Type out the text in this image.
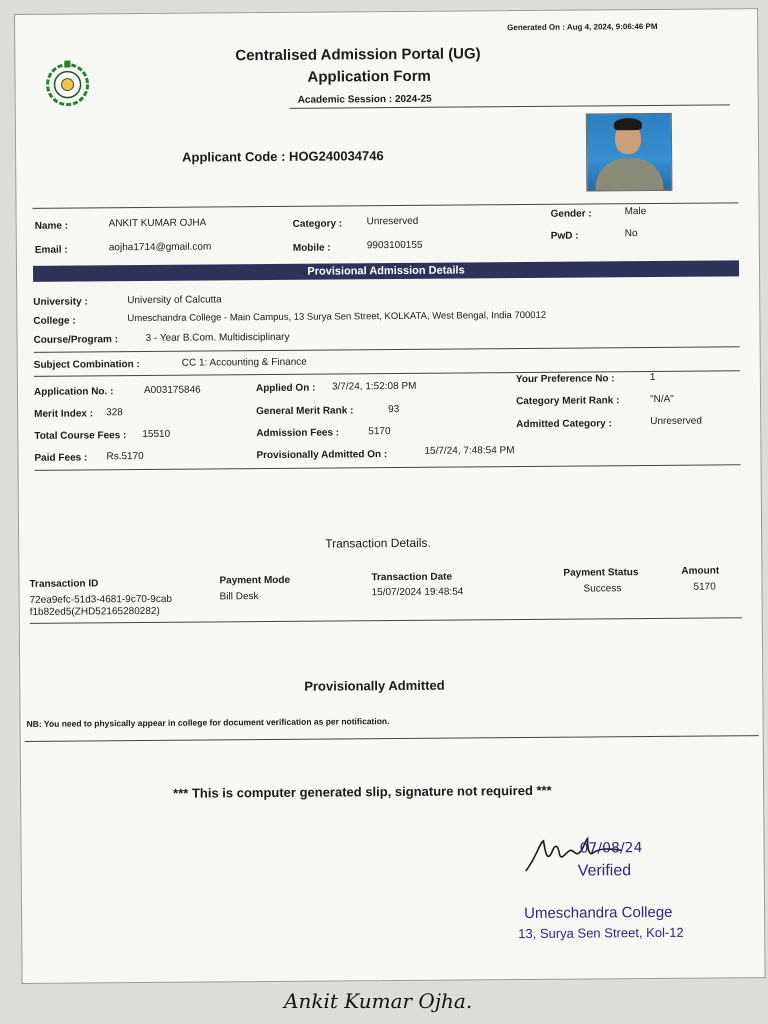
Generated On : Aug 4, 2024, 9:06:46 PM
Centralised Admission Portal (UG)
Application Form
Academic Session : 2024-25
Applicant Code : HOG240034746
Name :	ANKIT KUMAR OJHA
Email :	aojha1714@gmail.com
Category : Unreserved
Mobile :	9903100155
Gender :	Male
PwD :	No
Provisional Admission Details
University :	University of Calcutta
College :	Umeschandra College - Main Campus, 13 Surya Sen Street, KOLKATA, West Bengal, India 700012
Course/Program :	3 - Year B.Com. Multidisciplinary
Subject Combination :	CC 1: Accounting & Finance
Application No. :	A003175846
Merit Index : 328
Total Course Fees : 15510
Paid Fees : Rs.5170
Applied On : 3/7/24, 1:52:08 PM
General Merit Rank :	93
Admission Fees :	5170
Provisionally Admitted On :	15/7/24, 7:48:54 PM
Your Preference No :	1
Category Merit Rank :	"N/A"
Admitted Category :	Unreserved
Transaction Details.
Transaction ID	Payment Mode	Transaction Date	Payment Status	Amount
72ea9efc-51d3-4681-9c70-9cab
f1b82ed5(ZHD52165280282)
Bill Desk	15/07/2024 19:48:54	Success	5170
Provisionally Admitted
NB: You need to physically appear in college for document verification as per notification.
*** This is computer generated slip, signature not required ***
07/08/24
Verified
Umeschandra College
13, Surya Sen Street, Kol-12
Ankit Kumar Ojha.
